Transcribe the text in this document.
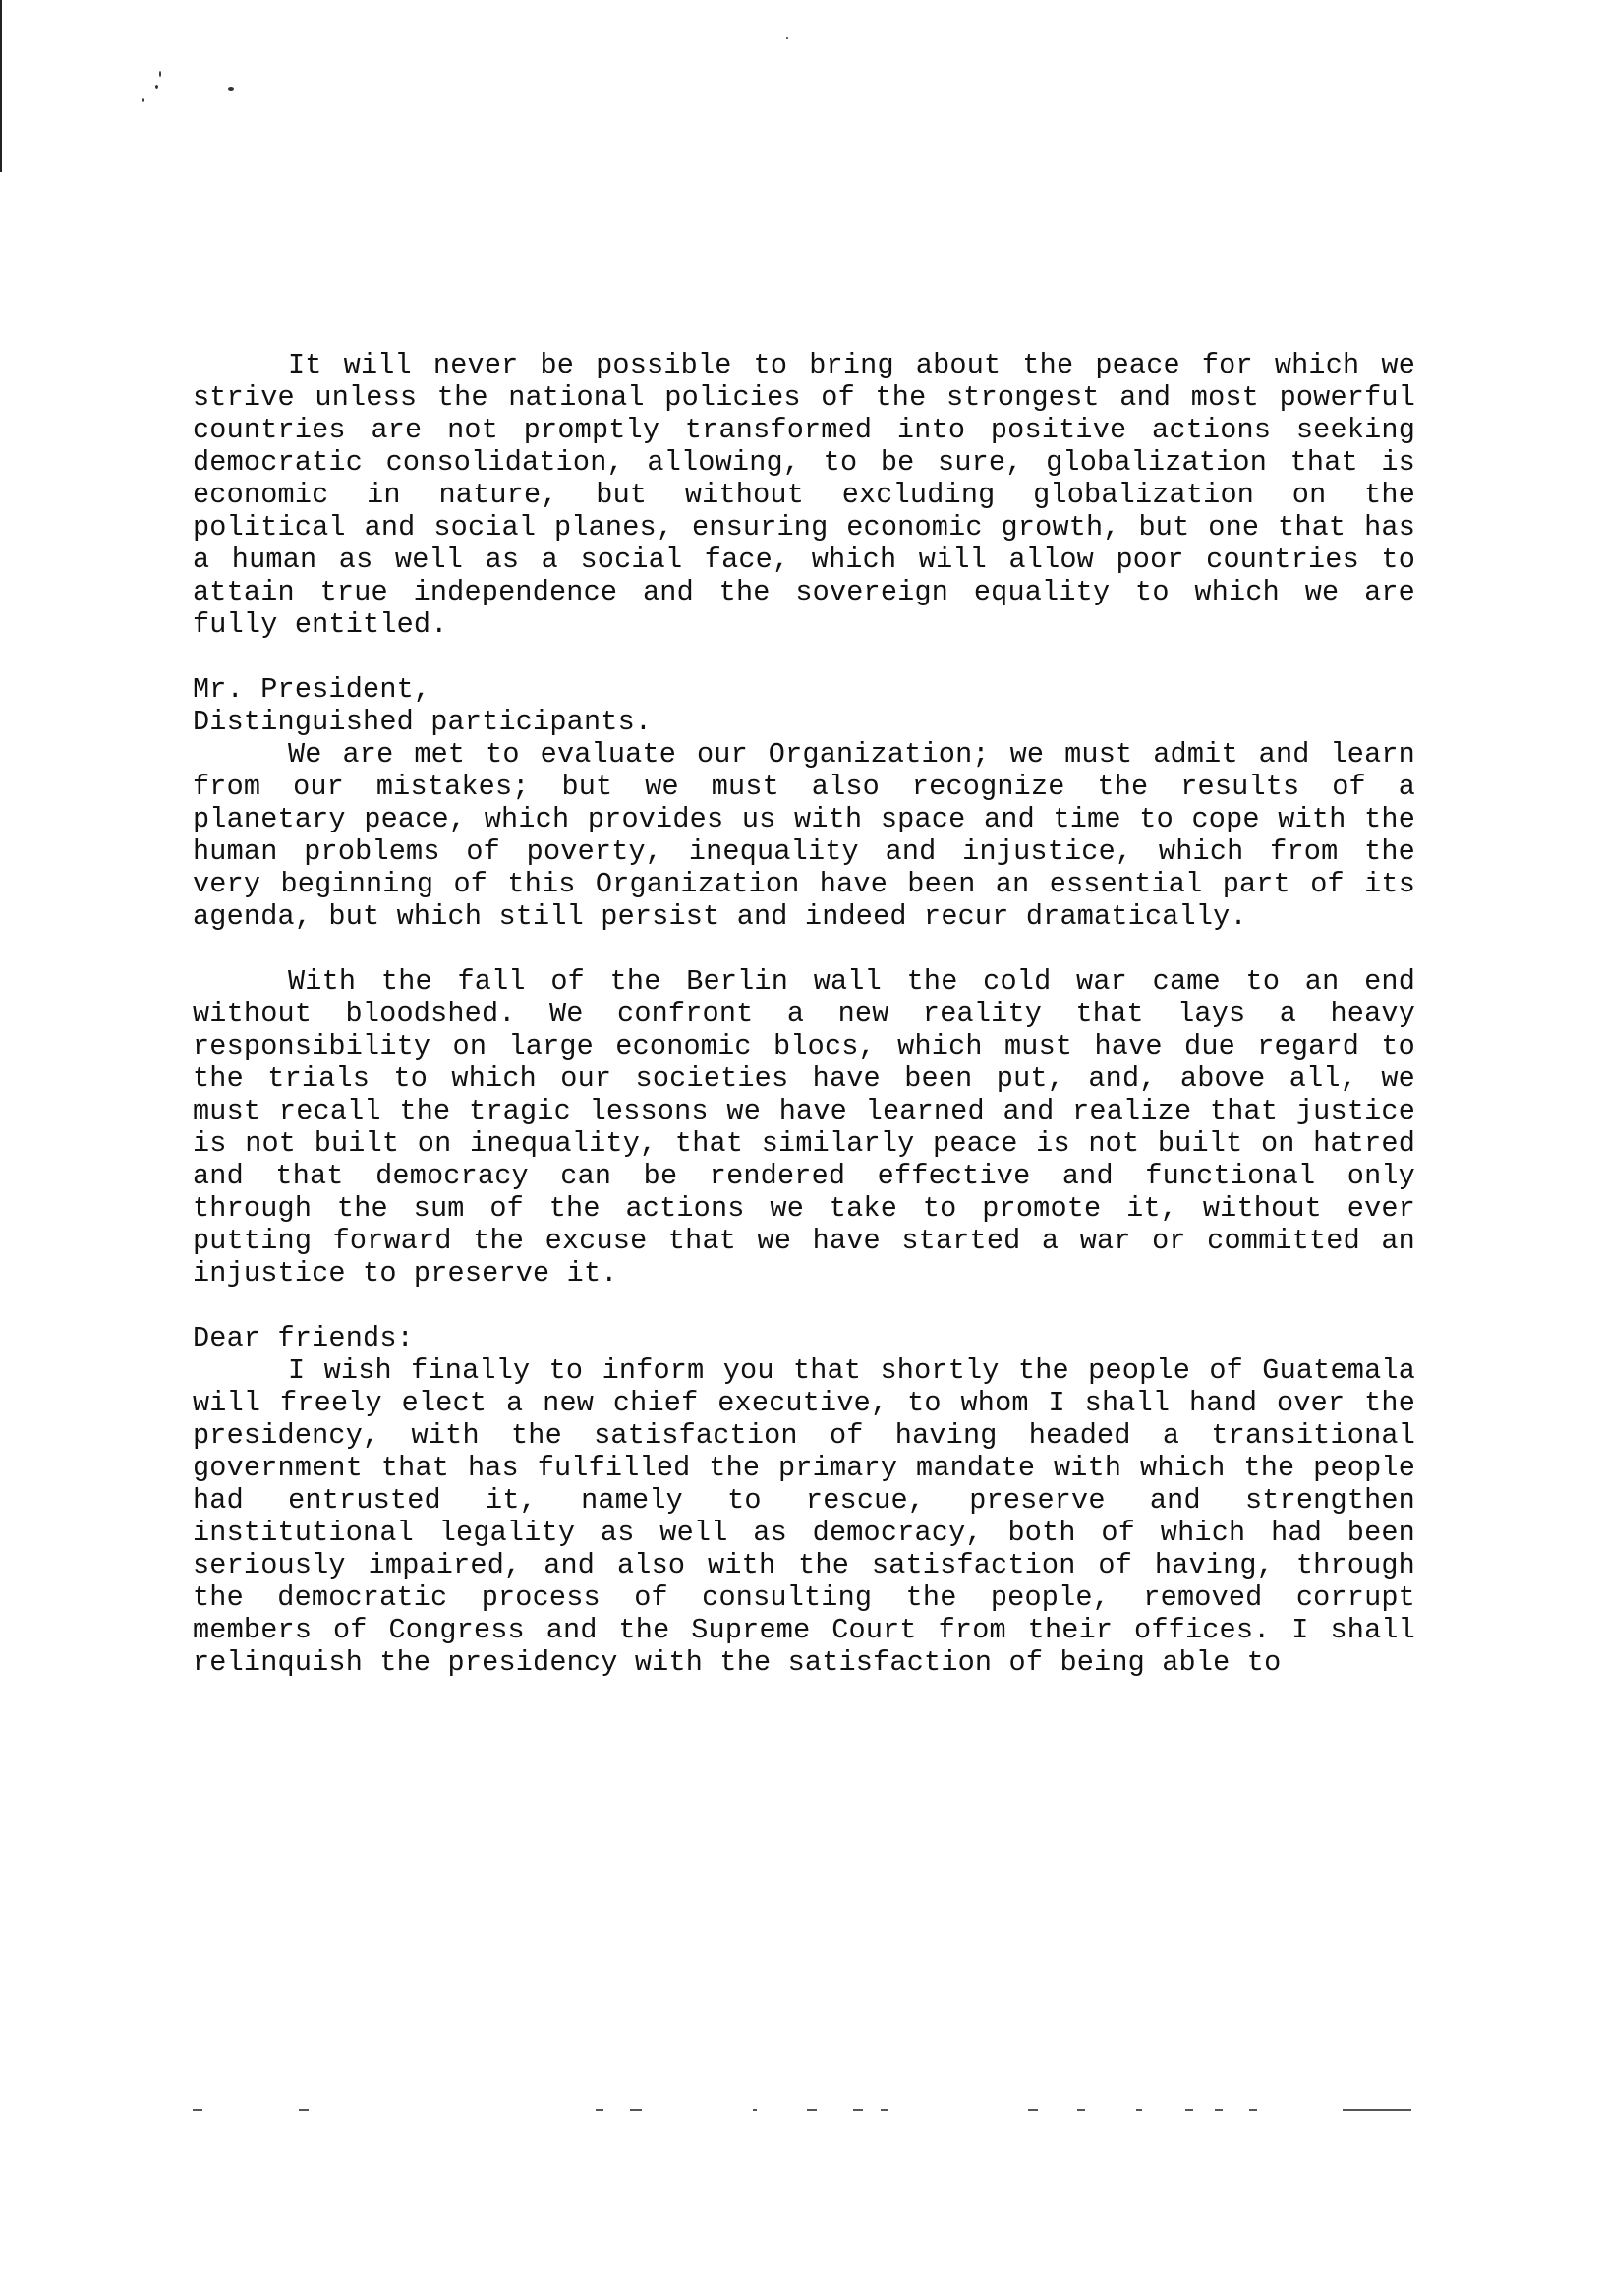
It will never be possible to bring about the peace for which we strive unless the national policies of the strongest and most powerful countries are not promptly transformed into positive actions seeking democratic consolidation, allowing, to be sure, globalization that is economic in nature, but without excluding globalization on the political and social planes, ensuring economic growth, but one that has a human as well as a social face, which will allow poor countries to attain true independence and the sovereign equality to which we are fully entitled.

Mr. President,

Distinguished participants.

We are met to evaluate our Organization; we must admit and learn from our mistakes; but we must also recognize the results of a planetary peace, which provides us with space and time to cope with the human problems of poverty, inequality and injustice, which from the very beginning of this Organization have been an essential part of its agenda, but which still persist and indeed recur dramatically.

With the fall of the Berlin wall the cold war came to an end without bloodshed. We confront a new reality that lays a heavy responsibility on large economic blocs, which must have due regard to the trials to which our societies have been put, and, above all, we must recall the tragic lessons we have learned and realize that justice is not built on inequality, that similarly peace is not built on hatred and that democracy can be rendered effective and functional only through the sum of the actions we take to promote it, without ever putting forward the excuse that we have started a war or committed an injustice to preserve it.

Dear friends:

I wish finally to inform you that shortly the people of Guatemala will freely elect a new chief executive, to whom I shall hand over the presidency, with the satisfaction of having headed a transitional government that has fulfilled the primary mandate with which the people had entrusted it, namely to rescue, preserve and strengthen institutional legality as well as democracy, both of which had been seriously impaired, and also with the satisfaction of having, through the democratic process of consulting the people, removed corrupt members of Congress and the Supreme Court from their offices. I shall relinquish the presidency with the satisfaction of being able to
